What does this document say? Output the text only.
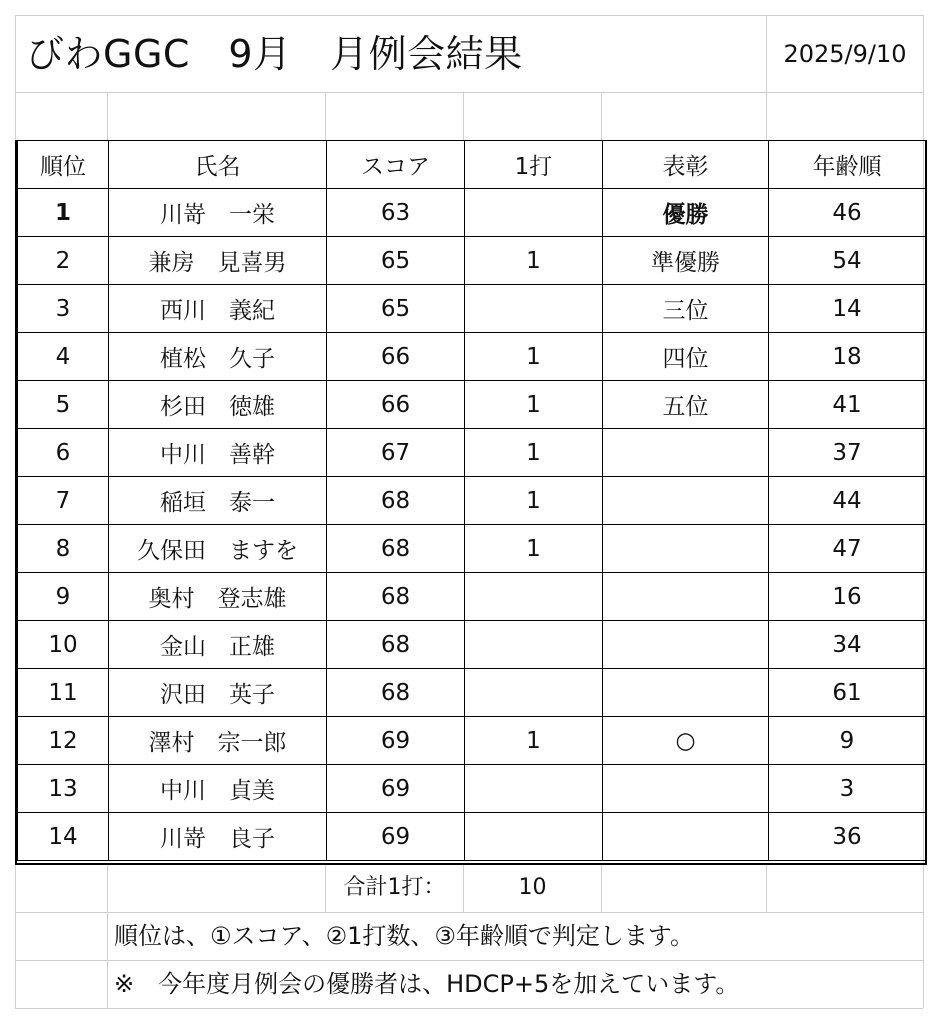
びわGGC　9月　月例会結果	2025/9/10
順位	氏名	スコア	1打	表彰	年齢順
1	川嵜　一栄	63		優勝	46
2	兼房　見喜男	65	1	準優勝	54
3	西川　義紀	65		三位	14
4	植松　久子	66	1	四位	18
5	杉田　徳雄	66	1	五位	41
6	中川　善幹	67	1		37
7	稲垣　泰一	68	1		44
8	久保田　ますを	68	1		47
9	奥村　登志雄	68			16
10	金山　正雄	68			34
11	沢田　英子	68			61
12	澤村　宗一郎	69	1	○	9
13	中川　貞美	69			3
14	川嵜　良子	69			36
合計1打：	10
順位は、①スコア、②1打数、③年齢順で判定します。
※　今年度月例会の優勝者は、HDCP+5を加えています。
